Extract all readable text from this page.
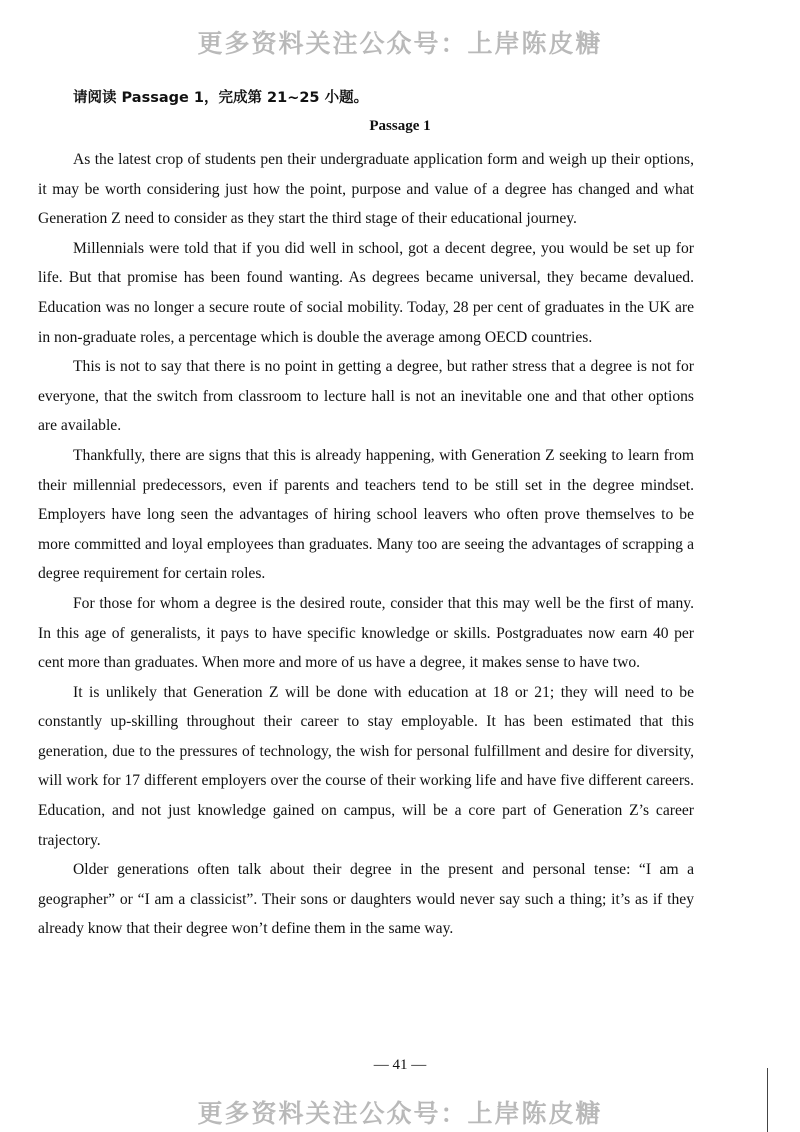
更多资料关注公众号：上岸陈皮糖
请阅读 Passage 1，完成第 21~25 小题。
Passage 1

As the latest crop of students pen their undergraduate application form and weigh up their options, it may be worth considering just how the point, purpose and value of a degree has changed and what Generation Z need to consider as they start the third stage of their educational journey.

Millennials were told that if you did well in school, got a decent degree, you would be set up for life. But that promise has been found wanting. As degrees became universal, they became devalued. Education was no longer a secure route of social mobility. Today, 28 per cent of graduates in the UK are in non-graduate roles, a percentage which is double the average among OECD countries.

This is not to say that there is no point in getting a degree, but rather stress that a degree is not for everyone, that the switch from classroom to lecture hall is not an inevitable one and that other options are available.

Thankfully, there are signs that this is already happening, with Generation Z seeking to learn from their millennial predecessors, even if parents and teachers tend to be still set in the degree mindset. Employers have long seen the advantages of hiring school leavers who often prove themselves to be more committed and loyal employees than graduates. Many too are seeing the advantages of scrapping a degree requirement for certain roles.

For those for whom a degree is the desired route, consider that this may well be the first of many. In this age of generalists, it pays to have specific knowledge or skills. Postgraduates now earn 40 per cent more than graduates. When more and more of us have a degree, it makes sense to have two.

It is unlikely that Generation Z will be done with education at 18 or 21; they will need to be constantly up-skilling throughout their career to stay employable. It has been estimated that this generation, due to the pressures of technology, the wish for personal fulfillment and desire for diversity, will work for 17 different employers over the course of their working life and have five different careers. Education, and not just knowledge gained on campus, will be a core part of Generation Z’s career trajectory.

Older generations often talk about their degree in the present and personal tense: “I am a geographer” or “I am a classicist”. Their sons or daughters would never say such a thing; it’s as if they already know that their degree won’t define them in the same way.

— 41 —
更多资料关注公众号：上岸陈皮糖
